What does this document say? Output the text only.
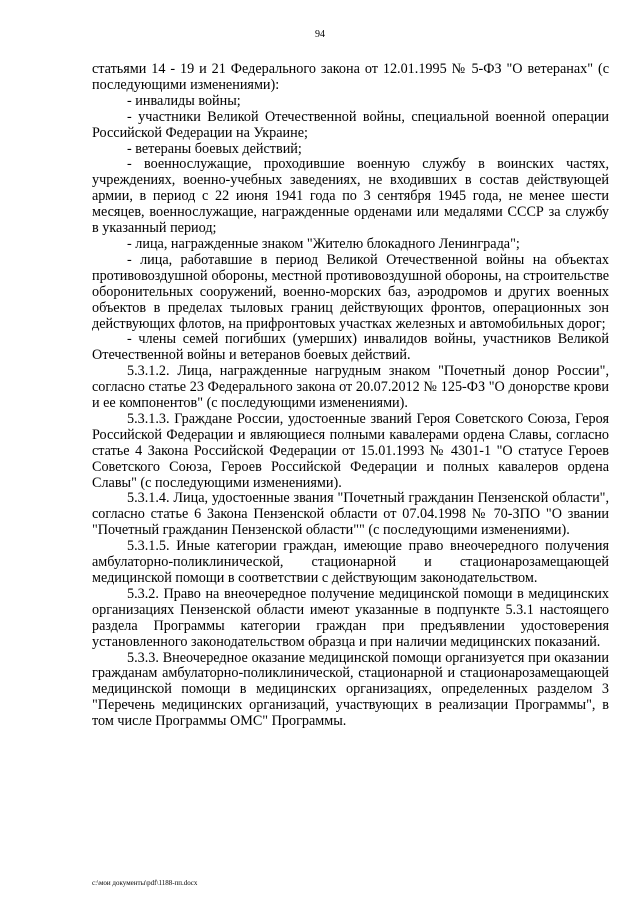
94

статьями 14 - 19 и 21 Федерального закона от 12.01.1995 № 5-ФЗ "О ветеранах" (с последующими изменениями):

- инвалиды войны;

- участники Великой Отечественной войны, специальной военной операции Российской Федерации на Украине;

- ветераны боевых действий;

- военнослужащие, проходившие военную службу в воинских частях, учреждениях, военно-учебных заведениях, не входивших в состав действующей армии, в период с 22 июня 1941 года по 3 сентября 1945 года, не менее шести месяцев, военнослужащие, награжденные орденами или медалями СССР за службу в указанный период;

- лица, награжденные знаком "Жителю блокадного Ленинграда";

- лица, работавшие в период Великой Отечественной войны на объектах противовоздушной обороны, местной противовоздушной обороны, на строительстве оборонительных сооружений, военно-морских баз, аэродромов и других военных объектов в пределах тыловых границ действующих фронтов, операционных зон действующих флотов, на прифронтовых участках железных и автомобильных дорог;

- члены семей погибших (умерших) инвалидов войны, участников Великой Отечественной войны и ветеранов боевых действий.

5.3.1.2. Лица, награжденные нагрудным знаком "Почетный донор России", согласно статье 23 Федерального закона от 20.07.2012 № 125-ФЗ "О донорстве крови и ее компонентов" (с последующими изменениями).

5.3.1.3. Граждане России, удостоенные званий Героя Советского Союза, Героя Российской Федерации и являющиеся полными кавалерами ордена Славы, согласно статье 4 Закона Российской Федерации от 15.01.1993 № 4301-1 "О статусе Героев Советского Союза, Героев Российской Федерации и полных кавалеров ордена Славы" (с последующими изменениями).

5.3.1.4. Лица, удостоенные звания "Почетный гражданин Пензенской области", согласно статье 6 Закона Пензенской области от 07.04.1998 № 70-ЗПО "О звании "Почетный гражданин Пензенской области"" (с последующими изменениями).

5.3.1.5. Иные категории граждан, имеющие право внеочередного получения амбулаторно-поликлинической, стационарной и стационарозамещающей медицинской помощи в соответствии с действующим законодательством.

5.3.2. Право на внеочередное получение медицинской помощи в медицинских организациях Пензенской области имеют указанные в подпункте 5.3.1 настоящего раздела Программы категории граждан при предъявлении удостоверения установленного законодательством образца и при наличии медицинских показаний.

5.3.3. Внеочередное оказание медицинской помощи организуется при оказании гражданам амбулаторно-поликлинической, стационарной и стационарозамещающей медицинской помощи в медицинских организациях, определенных разделом 3 "Перечень медицинских организаций, участвующих в реализации Программы", в том числе Программы ОМС" Программы.

c:\мои документы\pdf\1188-пп.docx
